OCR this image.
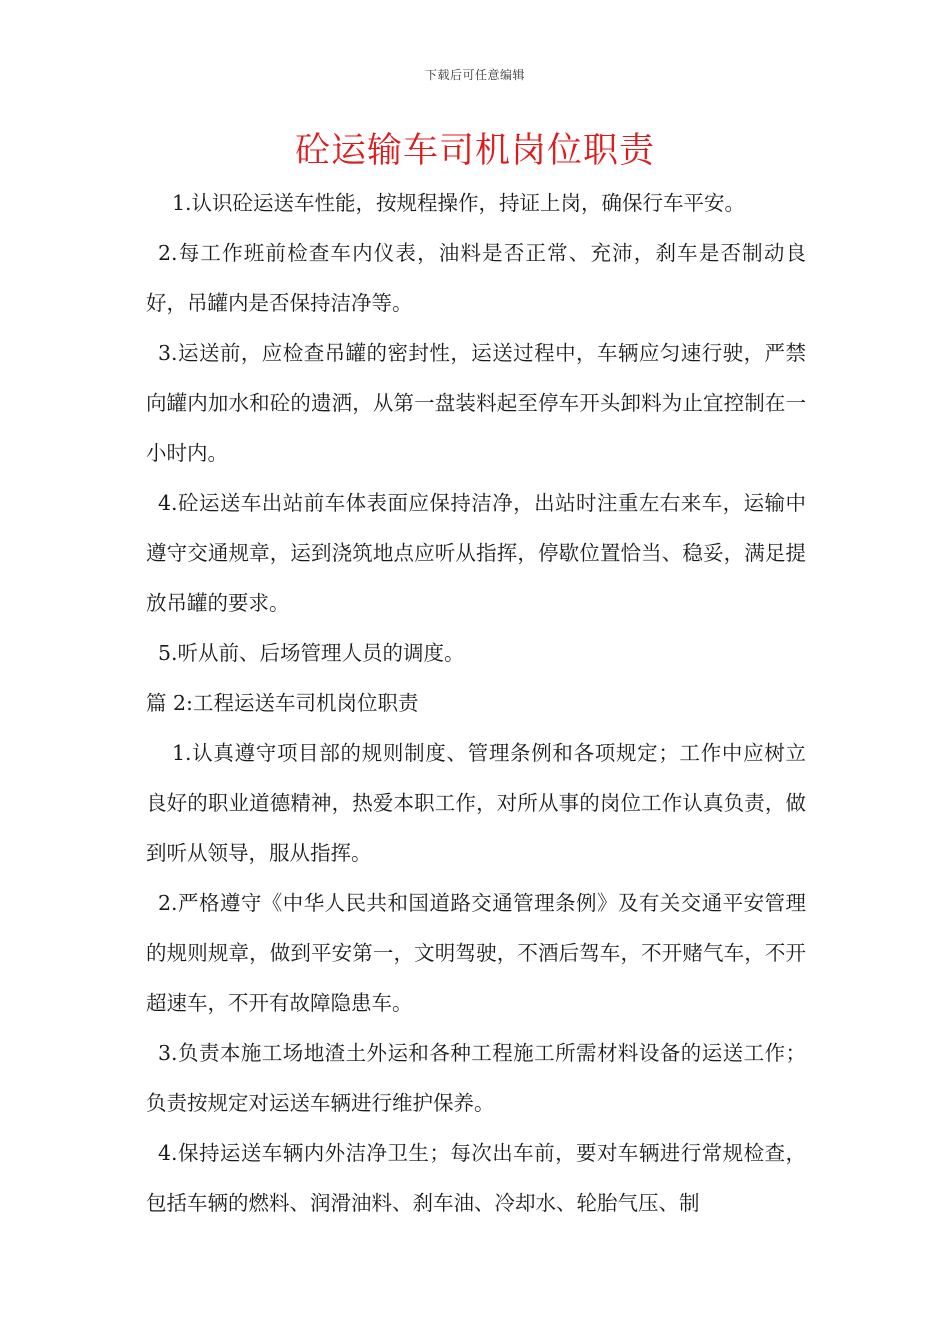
下载后可任意编辑
砼运输车司机岗位职责

1.认识砼运送车性能，按规程操作，持证上岗，确保行车平安。

2.每工作班前检查车内仪表，油料是否正常、充沛，刹车是否制动良好，吊罐内是否保持洁净等。

3.运送前，应检查吊罐的密封性，运送过程中，车辆应匀速行驶，严禁向罐内加水和砼的遗洒，从第一盘装料起至停车开头卸料为止宜控制在一小时内。

4.砼运送车出站前车体表面应保持洁净，出站时注重左右来车，运输中遵守交通规章，运到浇筑地点应听从指挥，停歇位置恰当、稳妥，满足提放吊罐的要求。

5.听从前、后场管理人员的调度。

篇 2:工程运送车司机岗位职责

1.认真遵守项目部的规则制度、管理条例和各项规定；工作中应树立良好的职业道德精神，热爱本职工作，对所从事的岗位工作认真负责，做到听从领导，服从指挥。

2.严格遵守《中华人民共和国道路交通管理条例》及有关交通平安管理的规则规章，做到平安第一，文明驾驶，不酒后驾车，不开赌气车，不开超速车，不开有故障隐患车。

3.负责本施工场地渣土外运和各种工程施工所需材料设备的运送工作；负责按规定对运送车辆进行维护保养。

4.保持运送车辆内外洁净卫生；每次出车前，要对车辆进行常规检查，包括车辆的燃料、润滑油料、刹车油、冷却水、轮胎气压、制
